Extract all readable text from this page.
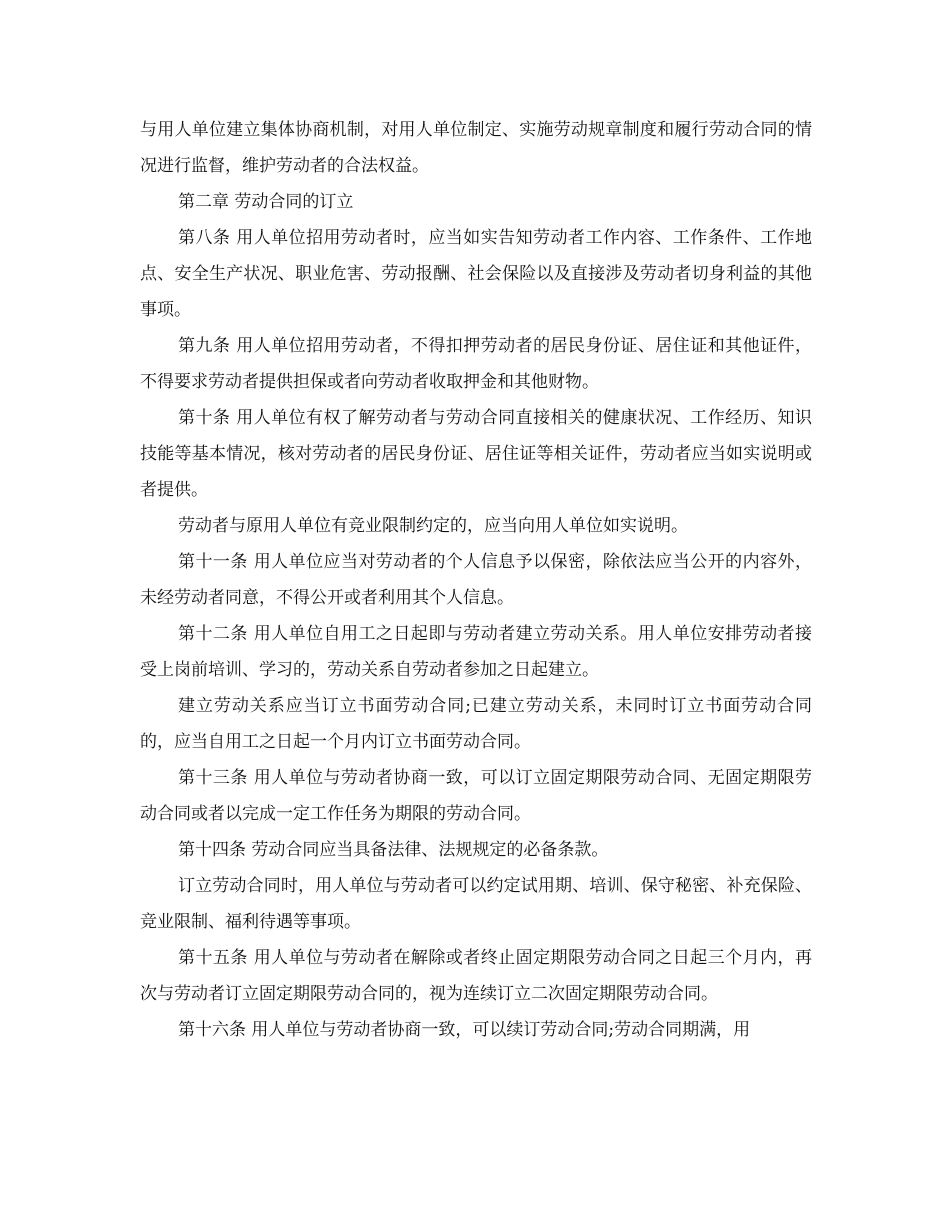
与用人单位建立集体协商机制，对用人单位制定、实施劳动规章制度和履行劳动合同的情况进行监督，维护劳动者的合法权益。

第二章 劳动合同的订立

第八条 用人单位招用劳动者时，应当如实告知劳动者工作内容、工作条件、工作地点、安全生产状况、职业危害、劳动报酬、社会保险以及直接涉及劳动者切身利益的其他事项。

第九条 用人单位招用劳动者，不得扣押劳动者的居民身份证、居住证和其他证件，不得要求劳动者提供担保或者向劳动者收取押金和其他财物。

第十条 用人单位有权了解劳动者与劳动合同直接相关的健康状况、工作经历、知识技能等基本情况，核对劳动者的居民身份证、居住证等相关证件，劳动者应当如实说明或者提供。

劳动者与原用人单位有竞业限制约定的，应当向用人单位如实说明。

第十一条 用人单位应当对劳动者的个人信息予以保密，除依法应当公开的内容外，未经劳动者同意，不得公开或者利用其个人信息。

第十二条 用人单位自用工之日起即与劳动者建立劳动关系。用人单位安排劳动者接受上岗前培训、学习的，劳动关系自劳动者参加之日起建立。

建立劳动关系应当订立书面劳动合同;已建立劳动关系，未同时订立书面劳动合同的，应当自用工之日起一个月内订立书面劳动合同。

第十三条 用人单位与劳动者协商一致，可以订立固定期限劳动合同、无固定期限劳动合同或者以完成一定工作任务为期限的劳动合同。

第十四条 劳动合同应当具备法律、法规规定的必备条款。

订立劳动合同时，用人单位与劳动者可以约定试用期、培训、保守秘密、补充保险、竞业限制、福利待遇等事项。

第十五条 用人单位与劳动者在解除或者终止固定期限劳动合同之日起三个月内，再次与劳动者订立固定期限劳动合同的，视为连续订立二次固定期限劳动合同。

第十六条 用人单位与劳动者协商一致，可以续订劳动合同;劳动合同期满，用
